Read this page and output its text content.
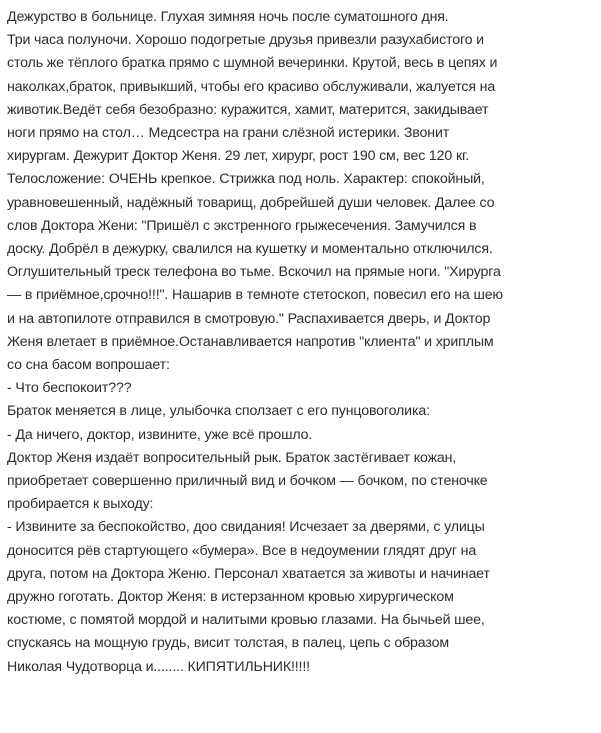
Дежурство в больнице. Глухая зимняя ночь после суматошного дня.
Три часа полуночи. Хорошо подогретые друзья привезли разухабистого и
столь же тёплого братка прямо с шумной вечеринки. Крутой, весь в цепях и
наколках,браток, привыкший, чтобы его красиво обслуживали, жалуется на
животик.Ведёт себя безобразно: куражится, хамит, матерится, закидывает
ноги прямо на стол… Медсестра на грани слёзной истерики. Звонит
хирургам. Дежурит Доктор Женя. 29 лет, хирург, рост 190 см, вес 120 кг.
Телосложение: ОЧЕНЬ крепкое. Стрижка под ноль. Характер: спокойный,
уравновешенный, надёжный товарищ, добрейшей души человек. Далее со
слов Доктора Жени: "Пришёл с экстренного грыжесечения. Замучился в
доску. Добрёл в дежурку, свалился на кушетку и моментально отключился.
Оглушительный треск телефона во тьме. Вскочил на прямые ноги. "Хирурга
— в приёмное,срочно!!!". Нашарив в темноте стетоскоп, повесил его на шею
и на автопилоте отправился в смотровую." Распахивается дверь, и Доктор
Женя влетает в приёмное.Останавливается напротив "клиента" и хриплым
со сна басом вопрошает:
- Что беспокоит???
Браток меняется в лице, улыбочка сползает с его пунцовоголика:
- Да ничего, доктор, извините, уже всё прошло.
Доктор Женя издаёт вопросительный рык. Браток застёгивает кожан,
приобретает совершенно приличный вид и бочком — бочком, по стеночке
пробирается к выходу:
- Извините за беспокойство, доо свидания! Исчезает за дверями, с улицы
доносится рёв стартующего «бумера». Все в недоумении глядят друг на
друга, потом на Доктора Женю. Персонал хватается за животы и начинает
дружно гоготать. Доктор Женя: в истерзанном кровью хирургическом
костюме, с помятой мордой и налитыми кровью глазами. На бычьей шее,
спускаясь на мощную грудь, висит толстая, в палец, цепь с образом
Николая Чудотворца и........ КИПЯТИЛЬНИК!!!!!
